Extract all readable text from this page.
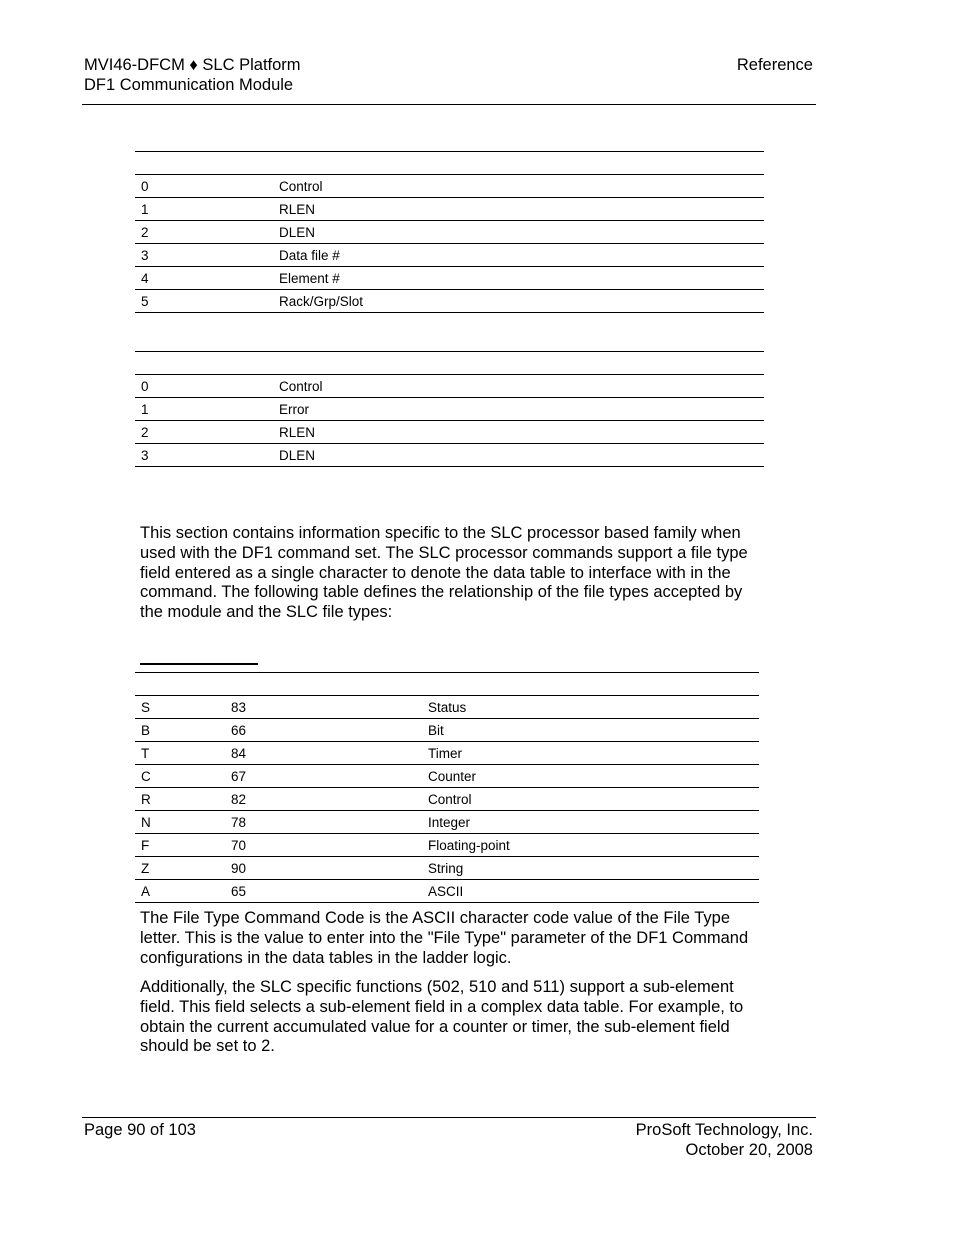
MVI46-DFCM ♦ SLC Platform
DF1 Communication Module
Reference

0	Control
1	RLEN
2	DLEN
3	Data file #
4	Element #
5	Rack/Grp/Slot

0	Control
1	Error
2	RLEN
3	DLEN
This section contains information specific to the SLC processor based family when used with the DF1 command set. The SLC processor commands support a file type field entered as a single character to denote the data table to interface with in the command. The following table defines the relationship of the file types accepted by the module and the SLC file types:

S	83	Status
B	66	Bit
T	84	Timer
C	67	Counter
R	82	Control
N	78	Integer
F	70	Floating-point
Z	90	String
A	65	ASCII
The File Type Command Code is the ASCII character code value of the File Type letter. This is the value to enter into the "File Type" parameter of the DF1 Command configurations in the data tables in the ladder logic.
Additionally, the SLC specific functions (502, 510 and 511) support a sub-element field. This field selects a sub-element field in a complex data table. For example, to obtain the current accumulated value for a counter or timer, the sub-element field should be set to 2.
Page 90 of 103	ProSoft Technology, Inc.
October 20, 2008
